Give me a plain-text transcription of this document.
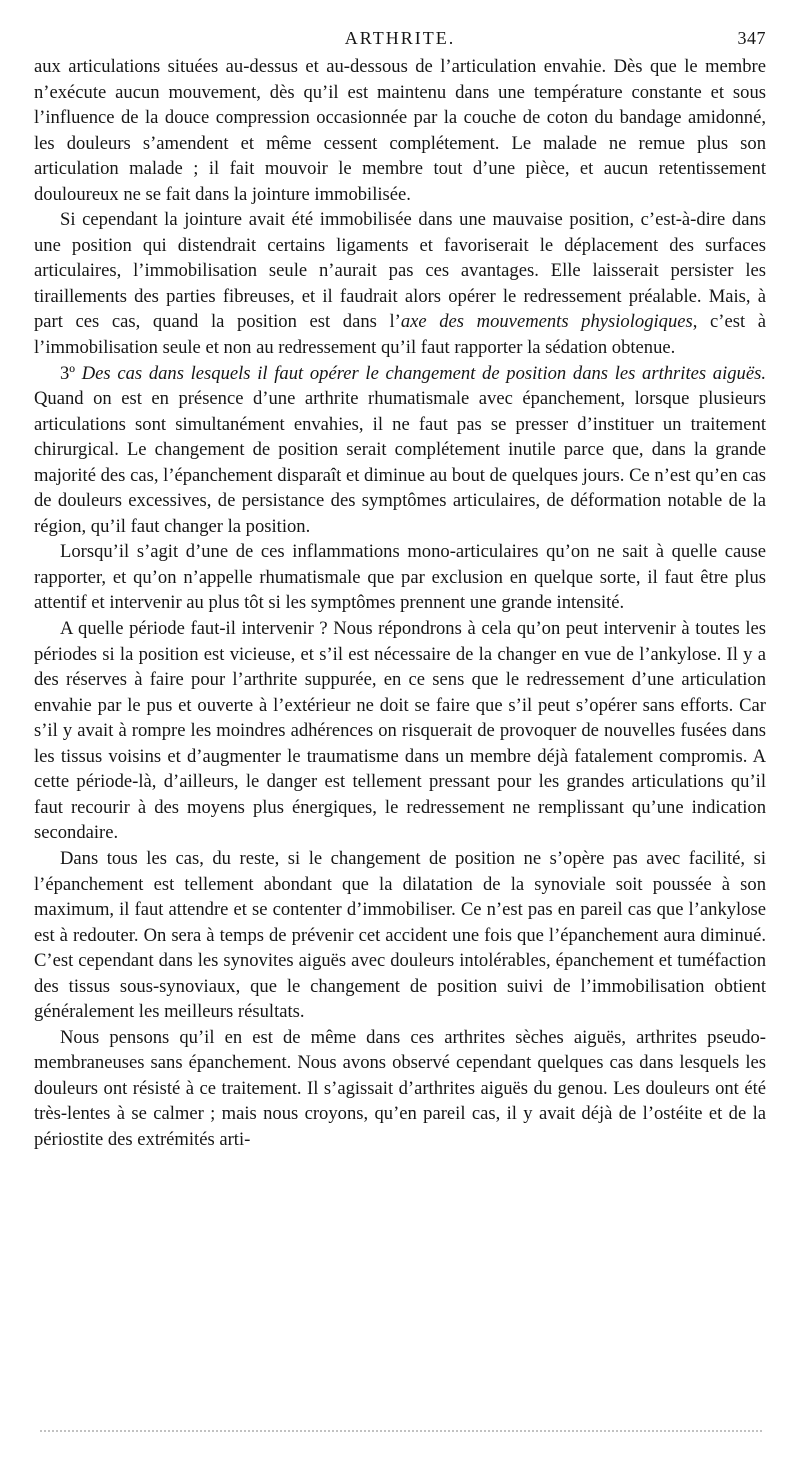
ARTHRITE.	347

aux articulations situées au-dessus et au-dessous de l’articulation envahie. Dès que le membre n’exécute aucun mouvement, dès qu’il est maintenu dans une température constante et sous l’influence de la douce compression occasionnée par la couche de coton du bandage amidonné, les douleurs s’amendent et même cessent complétement. Le malade ne remue plus son articulation malade ; il fait mouvoir le membre tout d’une pièce, et aucun retentissement douloureux ne se fait dans la jointure immobilisée.

Si cependant la jointure avait été immobilisée dans une mauvaise position, c’est-à-dire dans une position qui distendrait certains ligaments et favoriserait le déplacement des surfaces articulaires, l’immobilisation seule n’aurait pas ces avantages. Elle laisserait persister les tiraillements des parties fibreuses, et il faudrait alors opérer le redressement préalable. Mais, à part ces cas, quand la position est dans l’axe des mouvements physiologiques, c’est à l’immobilisation seule et non au redressement qu’il faut rapporter la sédation obtenue.

3º Des cas dans lesquels il faut opérer le changement de position dans les arthrites aiguës. Quand on est en présence d’une arthrite rhumatismale avec épanchement, lorsque plusieurs articulations sont simultanément envahies, il ne faut pas se presser d’instituer un traitement chirurgical. Le changement de position serait complétement inutile parce que, dans la grande majorité des cas, l’épanchement disparaît et diminue au bout de quelques jours. Ce n’est qu’en cas de douleurs excessives, de persistance des symptômes articulaires, de déformation notable de la région, qu’il faut changer la position.

Lorsqu’il s’agit d’une de ces inflammations mono-articulaires qu’on ne sait à quelle cause rapporter, et qu’on n’appelle rhumatismale que par exclusion en quelque sorte, il faut être plus attentif et intervenir au plus tôt si les symptômes prennent une grande intensité.

A quelle période faut-il intervenir ? Nous répondrons à cela qu’on peut intervenir à toutes les périodes si la position est vicieuse, et s’il est nécessaire de la changer en vue de l’ankylose. Il y a des réserves à faire pour l’arthrite suppurée, en ce sens que le redressement d’une articulation envahie par le pus et ouverte à l’extérieur ne doit se faire que s’il peut s’opérer sans efforts. Car s’il y avait à rompre les moindres adhérences on risquerait de provoquer de nouvelles fusées dans les tissus voisins et d’augmenter le traumatisme dans un membre déjà fatalement compromis. A cette période-là, d’ailleurs, le danger est tellement pressant pour les grandes articulations qu’il faut recourir à des moyens plus énergiques, le redressement ne remplissant qu’une indication secondaire.

Dans tous les cas, du reste, si le changement de position ne s’opère pas avec facilité, si l’épanchement est tellement abondant que la dilatation de la synoviale soit poussée à son maximum, il faut attendre et se contenter d’immobiliser. Ce n’est pas en pareil cas que l’ankylose est à redouter. On sera à temps de prévenir cet accident une fois que l’épanchement aura diminué. C’est cependant dans les synovites aiguës avec douleurs intolérables, épanchement et tuméfaction des tissus sous-synoviaux, que le changement de position suivi de l’immobilisation obtient généralement les meilleurs résultats.

Nous pensons qu’il en est de même dans ces arthrites sèches aiguës, arthrites pseudo-membraneuses sans épanchement. Nous avons observé cependant quelques cas dans lesquels les douleurs ont résisté à ce traitement. Il s’agissait d’arthrites aiguës du genou. Les douleurs ont été très-lentes à se calmer ; mais nous croyons, qu’en pareil cas, il y avait déjà de l’ostéite et de la périostite des extrémités arti-
